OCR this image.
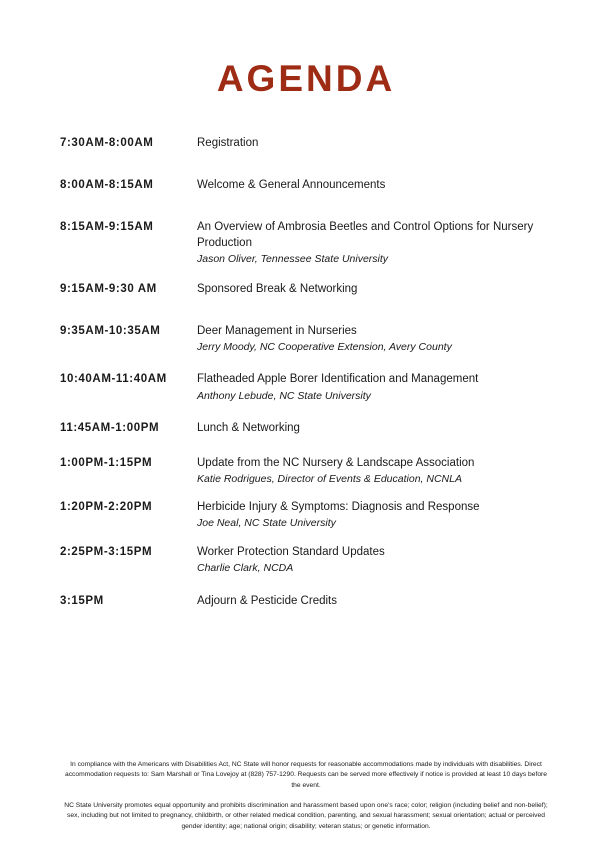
AGENDA
7:30AM-8:00AM	Registration
8:00AM-8:15AM	Welcome & General Announcements
8:15AM-9:15AM	An Overview of Ambrosia Beetles and Control Options for Nursery Production
Jason Oliver, Tennessee State University
9:15AM-9:30 AM	Sponsored Break & Networking
9:35AM-10:35AM	Deer Management in Nurseries
Jerry Moody, NC Cooperative Extension, Avery County
10:40AM-11:40AM	Flatheaded Apple Borer Identification and Management
Anthony Lebude, NC State University
11:45AM-1:00PM	Lunch & Networking
1:00PM-1:15PM	Update from the NC Nursery & Landscape Association
Katie Rodrigues, Director of Events & Education, NCNLA
1:20PM-2:20PM	Herbicide Injury & Symptoms: Diagnosis and Response
Joe Neal, NC State University
2:25PM-3:15PM	Worker Protection Standard Updates
Charlie Clark, NCDA
3:15PM	Adjourn & Pesticide Credits

In compliance with the Americans with Disabilities Act, NC State will honor requests for reasonable accommodations made by individuals with disabilities. Direct accommodation requests to: Sam Marshall or Tina Lovejoy at (828) 757-1290. Requests can be served more effectively if notice is provided at least 10 days before the event.

NC State University promotes equal opportunity and prohibits discrimination and harassment based upon one's race; color; religion (including belief and non-belief); sex, including but not limited to pregnancy, childbirth, or other related medical condition, parenting, and sexual harassment; sexual orientation; actual or perceived gender identity; age; national origin; disability; veteran status; or genetic information.
